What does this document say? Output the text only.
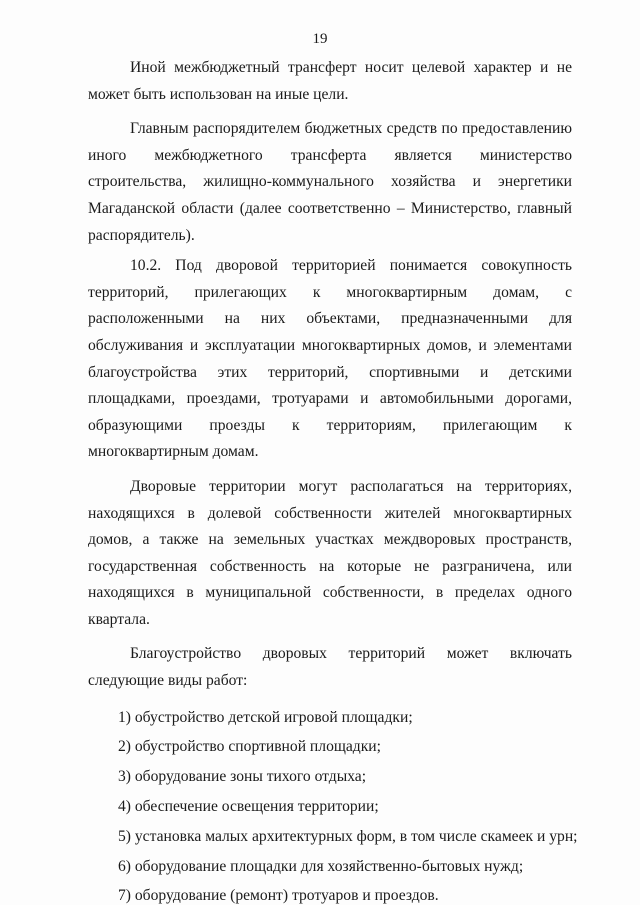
19

Иной межбюджетный трансферт носит целевой характер и не может быть использован на иные цели.

Главным распорядителем бюджетных средств по предоставлению иного межбюджетного трансферта является министерство строительства, жилищно-коммунального хозяйства и энергетики Магаданской области (далее соответственно – Министерство, главный распорядитель).

10.2. Под дворовой территорией понимается совокупность территорий, прилегающих к многоквартирным домам, с расположенными на них объектами, предназначенными для обслуживания и эксплуатации многоквартирных домов, и элементами благоустройства этих территорий, спортивными и детскими площадками, проездами, тротуарами и автомобильными дорогами, образующими проезды к территориям, прилегающим к многоквартирным домам.

Дворовые территории могут располагаться на территориях, находящихся в долевой собственности жителей многоквартирных домов, а также на земельных участках междворовых пространств, государственная собственность на которые не разграничена, или находящихся в муниципальной собственности, в пределах одного квартала.

Благоустройство дворовых территорий может включать следующие виды работ:

1) обустройство детской игровой площадки;
2) обустройство спортивной площадки;
3) оборудование зоны тихого отдыха;
4) обеспечение освещения территории;
5) установка малых архитектурных форм, в том числе скамеек и урн;
6) оборудование площадки для хозяйственно-бытовых нужд;
7) оборудование (ремонт) тротуаров и проездов.
